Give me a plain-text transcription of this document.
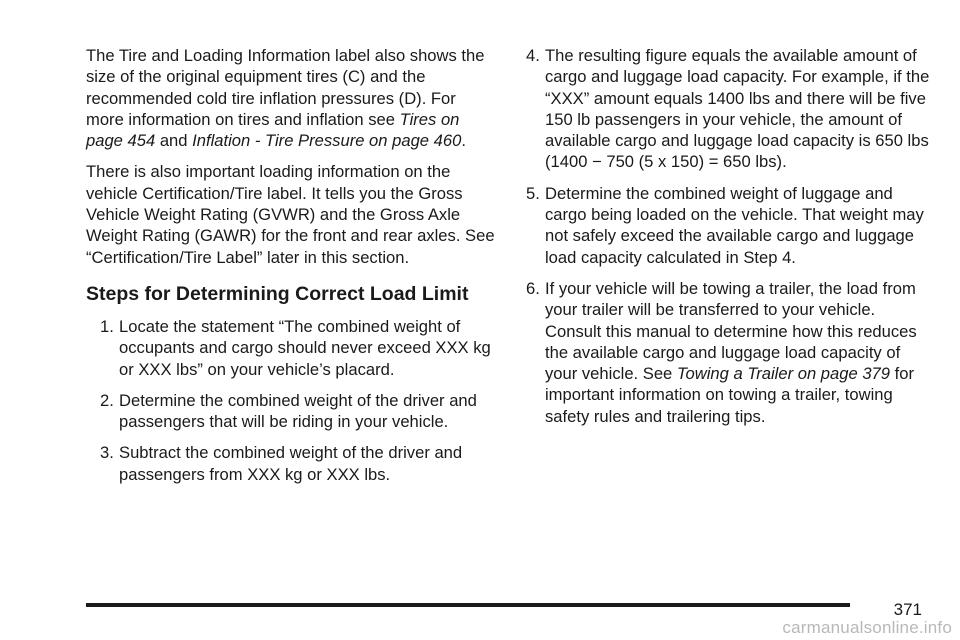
The Tire and Loading Information label also shows the size of the original equipment tires (C) and the recommended cold tire inflation pressures (D). For more information on tires and inflation see Tires on page 454 and Inflation - Tire Pressure on page 460.

There is also important loading information on the vehicle Certification/Tire label. It tells you the Gross Vehicle Weight Rating (GVWR) and the Gross Axle Weight Rating (GAWR) for the front and rear axles. See “Certification/Tire Label” later in this section.

Steps for Determining Correct Load Limit
1. Locate the statement “The combined weight of occupants and cargo should never exceed XXX kg or XXX lbs” on your vehicle’s placard.
2. Determine the combined weight of the driver and passengers that will be riding in your vehicle.
3. Subtract the combined weight of the driver and passengers from XXX kg or XXX lbs.
4. The resulting figure equals the available amount of cargo and luggage load capacity. For example, if the “XXX” amount equals 1400 lbs and there will be five 150 lb passengers in your vehicle, the amount of available cargo and luggage load capacity is 650 lbs (1400 − 750 (5 x 150) = 650 lbs).
5. Determine the combined weight of luggage and cargo being loaded on the vehicle. That weight may not safely exceed the available cargo and luggage load capacity calculated in Step 4.
6. If your vehicle will be towing a trailer, the load from your trailer will be transferred to your vehicle. Consult this manual to determine how this reduces the available cargo and luggage load capacity of your vehicle. See Towing a Trailer on page 379 for important information on towing a trailer, towing safety rules and trailering tips.
371
carmanualsonline.info
